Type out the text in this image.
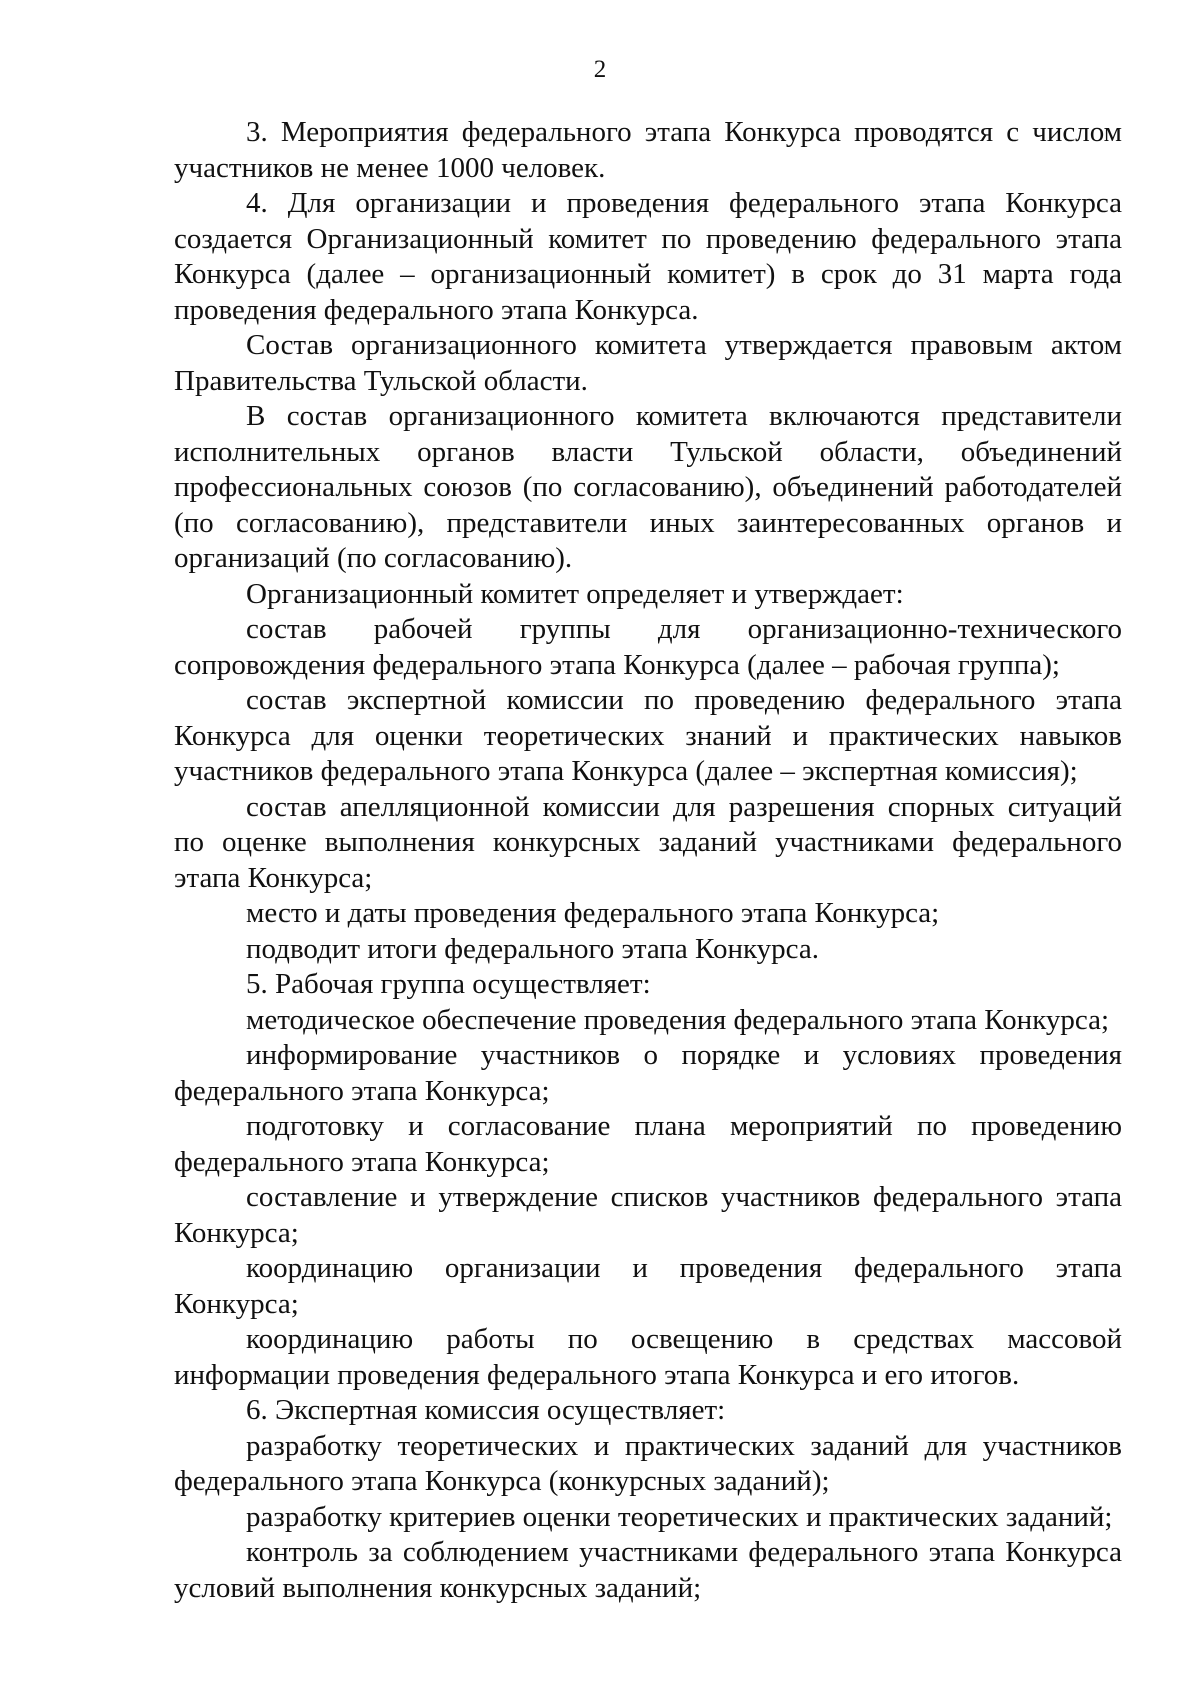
2

3. Мероприятия федерального этапа Конкурса проводятся с числом участников не менее 1000 человек.

4. Для организации и проведения федерального этапа Конкурса создается Организационный комитет по проведению федерального этапа Конкурса (далее – организационный комитет) в срок до 31 марта года проведения федерального этапа Конкурса.

Состав организационного комитета утверждается правовым актом Правительства Тульской области.

В состав организационного комитета включаются представители исполнительных органов власти Тульской области, объединений профессиональных союзов (по согласованию), объединений работодателей (по согласованию), представители иных заинтересованных органов и организаций (по согласованию).

Организационный комитет определяет и утверждает:

состав рабочей группы для организационно-технического сопровождения федерального этапа Конкурса (далее – рабочая группа);

состав экспертной комиссии по проведению федерального этапа Конкурса для оценки теоретических знаний и практических навыков участников федерального этапа Конкурса (далее – экспертная комиссия);

состав апелляционной комиссии для разрешения спорных ситуаций по оценке выполнения конкурсных заданий участниками федерального этапа Конкурса;

место и даты проведения федерального этапа Конкурса;

подводит итоги федерального этапа Конкурса.

5. Рабочая группа осуществляет:

методическое обеспечение проведения федерального этапа Конкурса;

информирование участников о порядке и условиях проведения федерального этапа Конкурса;

подготовку и согласование плана мероприятий по проведению федерального этапа Конкурса;

составление и утверждение списков участников федерального этапа Конкурса;

координацию организации и проведения федерального этапа Конкурса;

координацию работы по освещению в средствах массовой информации проведения федерального этапа Конкурса и его итогов.

6. Экспертная комиссия осуществляет:

разработку теоретических и практических заданий для участников федерального этапа Конкурса (конкурсных заданий);

разработку критериев оценки теоретических и практических заданий;

контроль за соблюдением участниками федерального этапа Конкурса условий выполнения конкурсных заданий;
